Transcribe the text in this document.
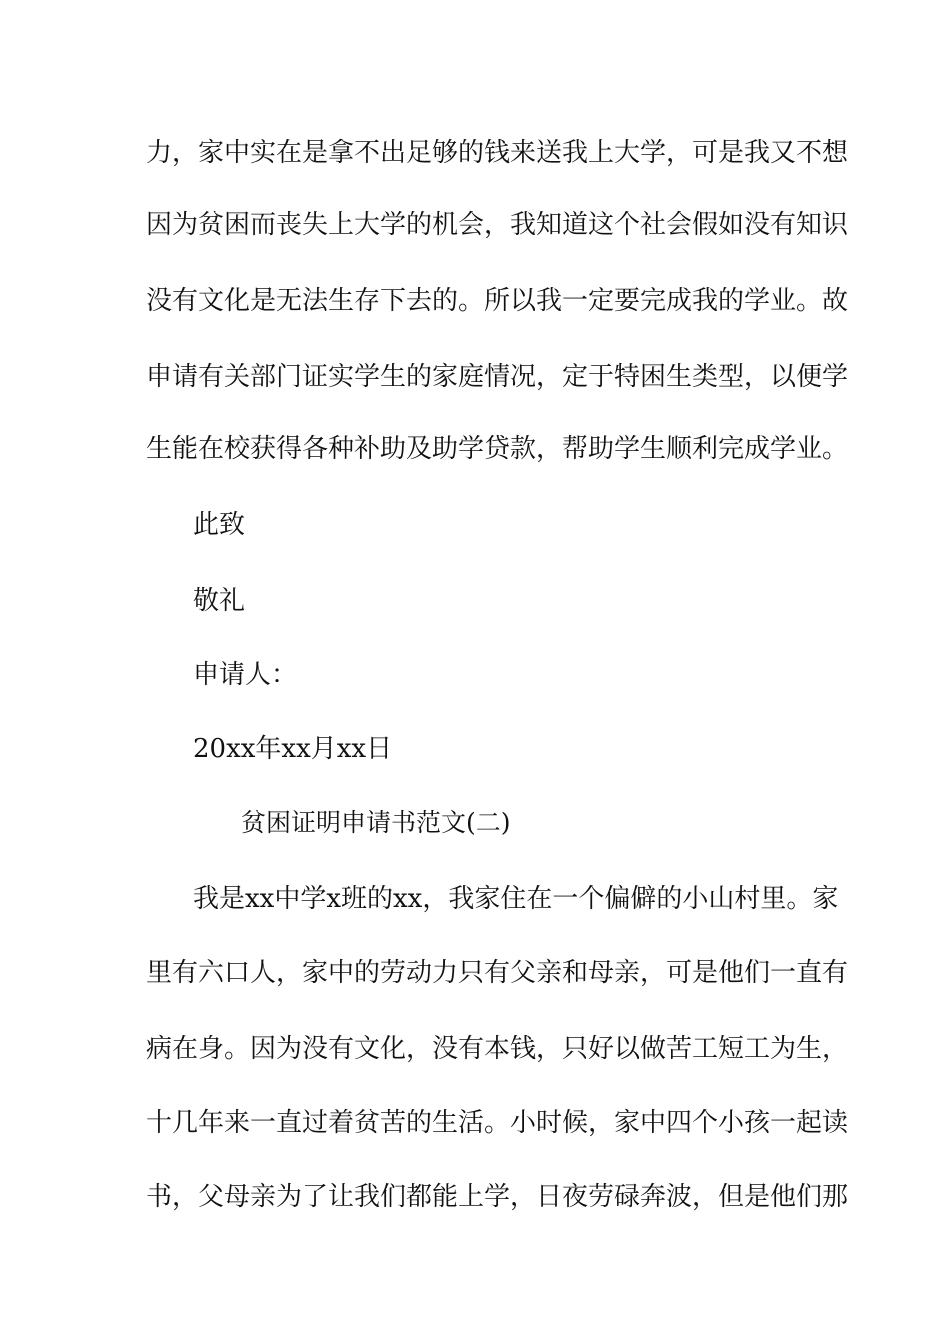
力，家中实在是拿不出足够的钱来送我上大学，可是我又不想
因为贫困而丧失上大学的机会，我知道这个社会假如没有知识
没有文化是无法生存下去的。所以我一定要完成我的学业。故
申请有关部门证实学生的家庭情况，定于特困生类型，以便学
生能在校获得各种补助及助学贷款，帮助学生顺利完成学业。
此致
敬礼
申请人：
20xx年xx月xx日
贫困证明申请书范文(二)
我是xx中学x班的xx，我家住在一个偏僻的小山村里。家
里有六口人，家中的劳动力只有父亲和母亲，可是他们一直有
病在身。因为没有文化，没有本钱，只好以做苦工短工为生，
十几年来一直过着贫苦的生活。小时候，家中四个小孩一起读
书，父母亲为了让我们都能上学，日夜劳碌奔波，但是他们那
